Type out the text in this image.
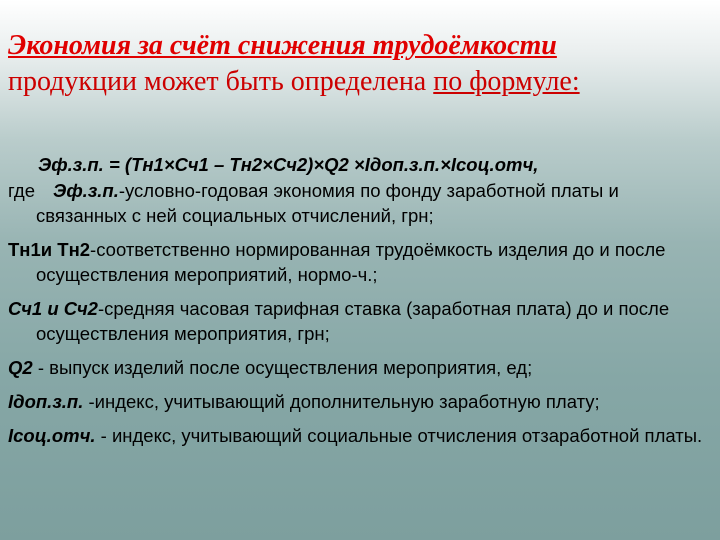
Экономия за счёт снижения трудоёмкости
продукции может быть определена по формуле:
Эф.з.п. = (Тн1×Сч1 – Тн2×Сч2)×Q2 ×Iдоп.з.п.×Iсоц.отч,
где Эф.з.п.-условно-годовая экономия по фонду заработной платы и связанных с ней социальных отчислений, грн;
Тн1и Тн2-соответственно нормированная трудоёмкость изделия до и после осуществления мероприятий, нормо-ч.;
Сч1 и Сч2-средняя часовая тарифная ставка (заработная плата) до и после осуществления мероприятия, грн;
Q2 - выпуск изделий после осуществления мероприятия, ед;
Iдоп.з.п. -индекс, учитывающий дополнительную заработную плату;
Iсоц.отч. - индекс, учитывающий социальные отчисления отзаработной платы.
